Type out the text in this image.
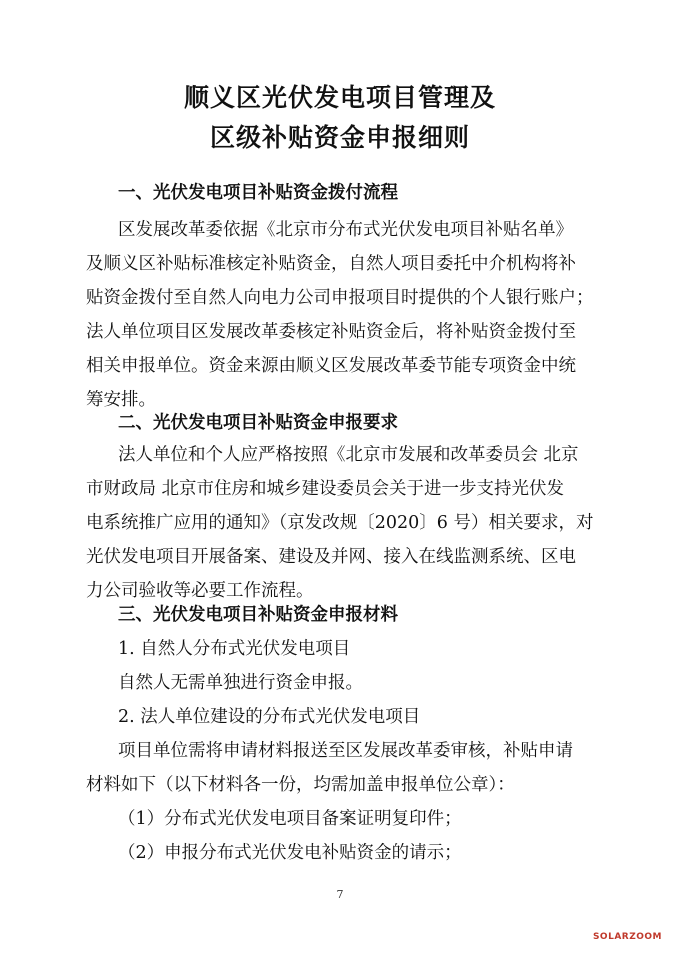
顺义区光伏发电项目管理及
区级补贴资金申报细则
一、光伏发电项目补贴资金拨付流程
区发展改革委依据《北京市分布式光伏发电项目补贴名单》
及顺义区补贴标准核定补贴资金，自然人项目委托中介机构将补
贴资金拨付至自然人向电力公司申报项目时提供的个人银行账户；
法人单位项目区发展改革委核定补贴资金后，将补贴资金拨付至
相关申报单位。资金来源由顺义区发展改革委节能专项资金中统
筹安排。
二、光伏发电项目补贴资金申报要求
法人单位和个人应严格按照《北京市发展和改革委员会 北京
市财政局 北京市住房和城乡建设委员会关于进一步支持光伏发
电系统推广应用的通知》（京发改规〔2020〕6 号）相关要求，对
光伏发电项目开展备案、建设及并网、接入在线监测系统、区电
力公司验收等必要工作流程。
三、光伏发电项目补贴资金申报材料
1. 自然人分布式光伏发电项目
自然人无需单独进行资金申报。
2. 法人单位建设的分布式光伏发电项目
项目单位需将申请材料报送至区发展改革委审核，补贴申请
材料如下（以下材料各一份，均需加盖申报单位公章）：
（1）分布式光伏发电项目备案证明复印件；
（2）申报分布式光伏发电补贴资金的请示；
7
SOLARZOOM
